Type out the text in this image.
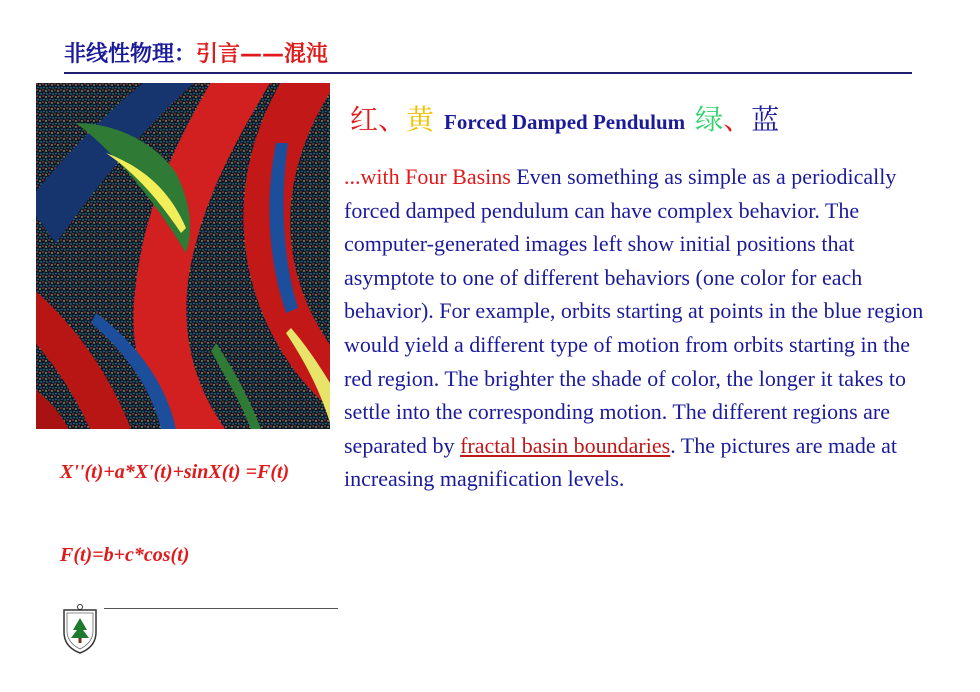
非线性物理：引言——混沌
红、黄 Forced Damped Pendulum 绿、蓝
...with Four Basins Even something as simple as a periodically forced damped pendulum can have complex behavior. The computer-generated images left show initial positions that asymptote to one of different behaviors (one color for each behavior). For example, orbits starting at points in the blue region would yield a different type of motion from orbits starting in the red region. The brighter the shade of color, the longer it takes to settle into the corresponding motion. The different regions are separated by fractal basin boundaries. The pictures are made at increasing magnification levels.
X''(t)+a*X'(t)+sinX(t) =F(t)
F(t)=b+c*cos(t)
